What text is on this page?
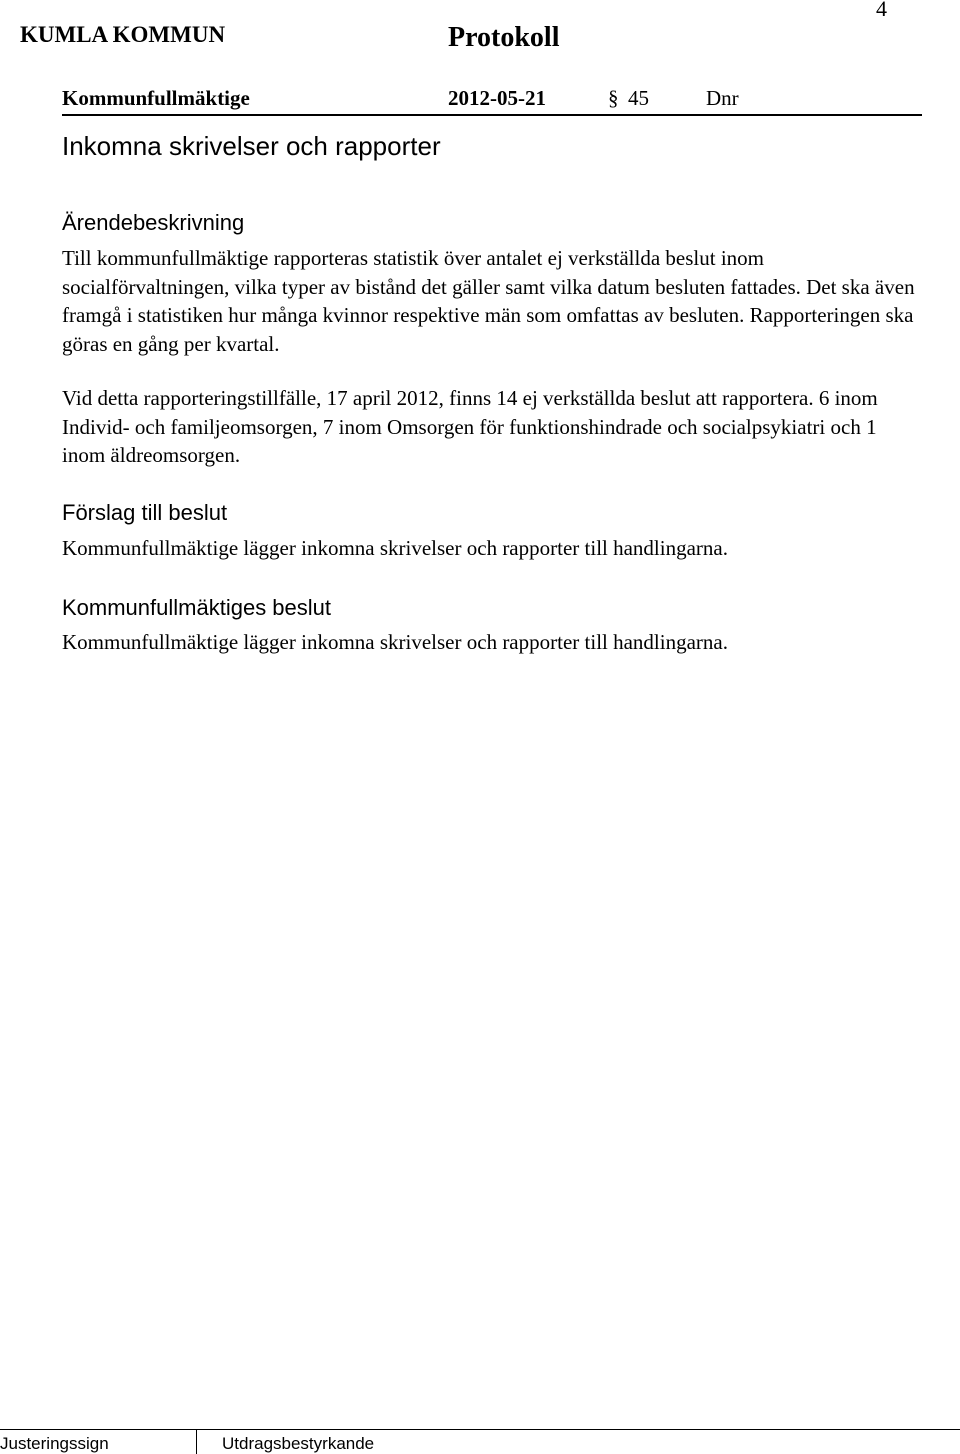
4
KUMLA KOMMUN	Protokoll
Kommunfullmäktige	2012-05-21	§ 45	Dnr
Inkomna skrivelser och rapporter
Ärendebeskrivning

Till kommunfullmäktige rapporteras statistik över antalet ej verkställda beslut inom socialförvaltningen, vilka typer av bistånd det gäller samt vilka datum besluten fattades. Det ska även framgå i statistiken hur många kvinnor respektive män som omfattas av besluten. Rapporteringen ska göras en gång per kvartal.

Vid detta rapporteringstillfälle, 17 april 2012, finns 14 ej verkställda beslut att rapportera. 6 inom Individ- och familjeomsorgen, 7 inom Omsorgen för funktionshindrade och socialpsykiatri och 1 inom äldreomsorgen.

Förslag till beslut

Kommunfullmäktige lägger inkomna skrivelser och rapporter till handlingarna.

Kommunfullmäktiges beslut

Kommunfullmäktige lägger inkomna skrivelser och rapporter till handlingarna.

Justeringssign	Utdragsbestyrkande
